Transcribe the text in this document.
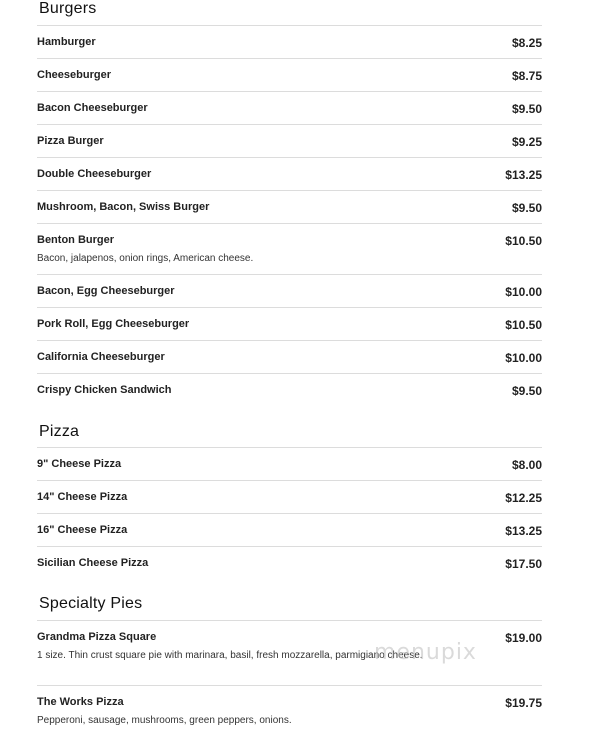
Burgers
Hamburger	$8.25
Cheeseburger	$8.75
Bacon Cheeseburger	$9.50
Pizza Burger	$9.25
Double Cheeseburger	$13.25
Mushroom, Bacon, Swiss Burger	$9.50
Benton Burger	$10.50
Bacon, jalapenos, onion rings, American cheese.
Bacon, Egg Cheeseburger	$10.00
Pork Roll, Egg Cheeseburger	$10.50
California Cheeseburger	$10.00
Crispy Chicken Sandwich	$9.50
Pizza
9" Cheese Pizza	$8.00
14" Cheese Pizza	$12.25
16" Cheese Pizza	$13.25
Sicilian Cheese Pizza	$17.50
Specialty Pies
Grandma Pizza Square	$19.00
1 size. Thin crust square pie with marinara, basil, fresh mozzarella, parmigiano cheese.
The Works Pizza	$19.75
Pepperoni, sausage, mushrooms, green peppers, onions.
menupix
